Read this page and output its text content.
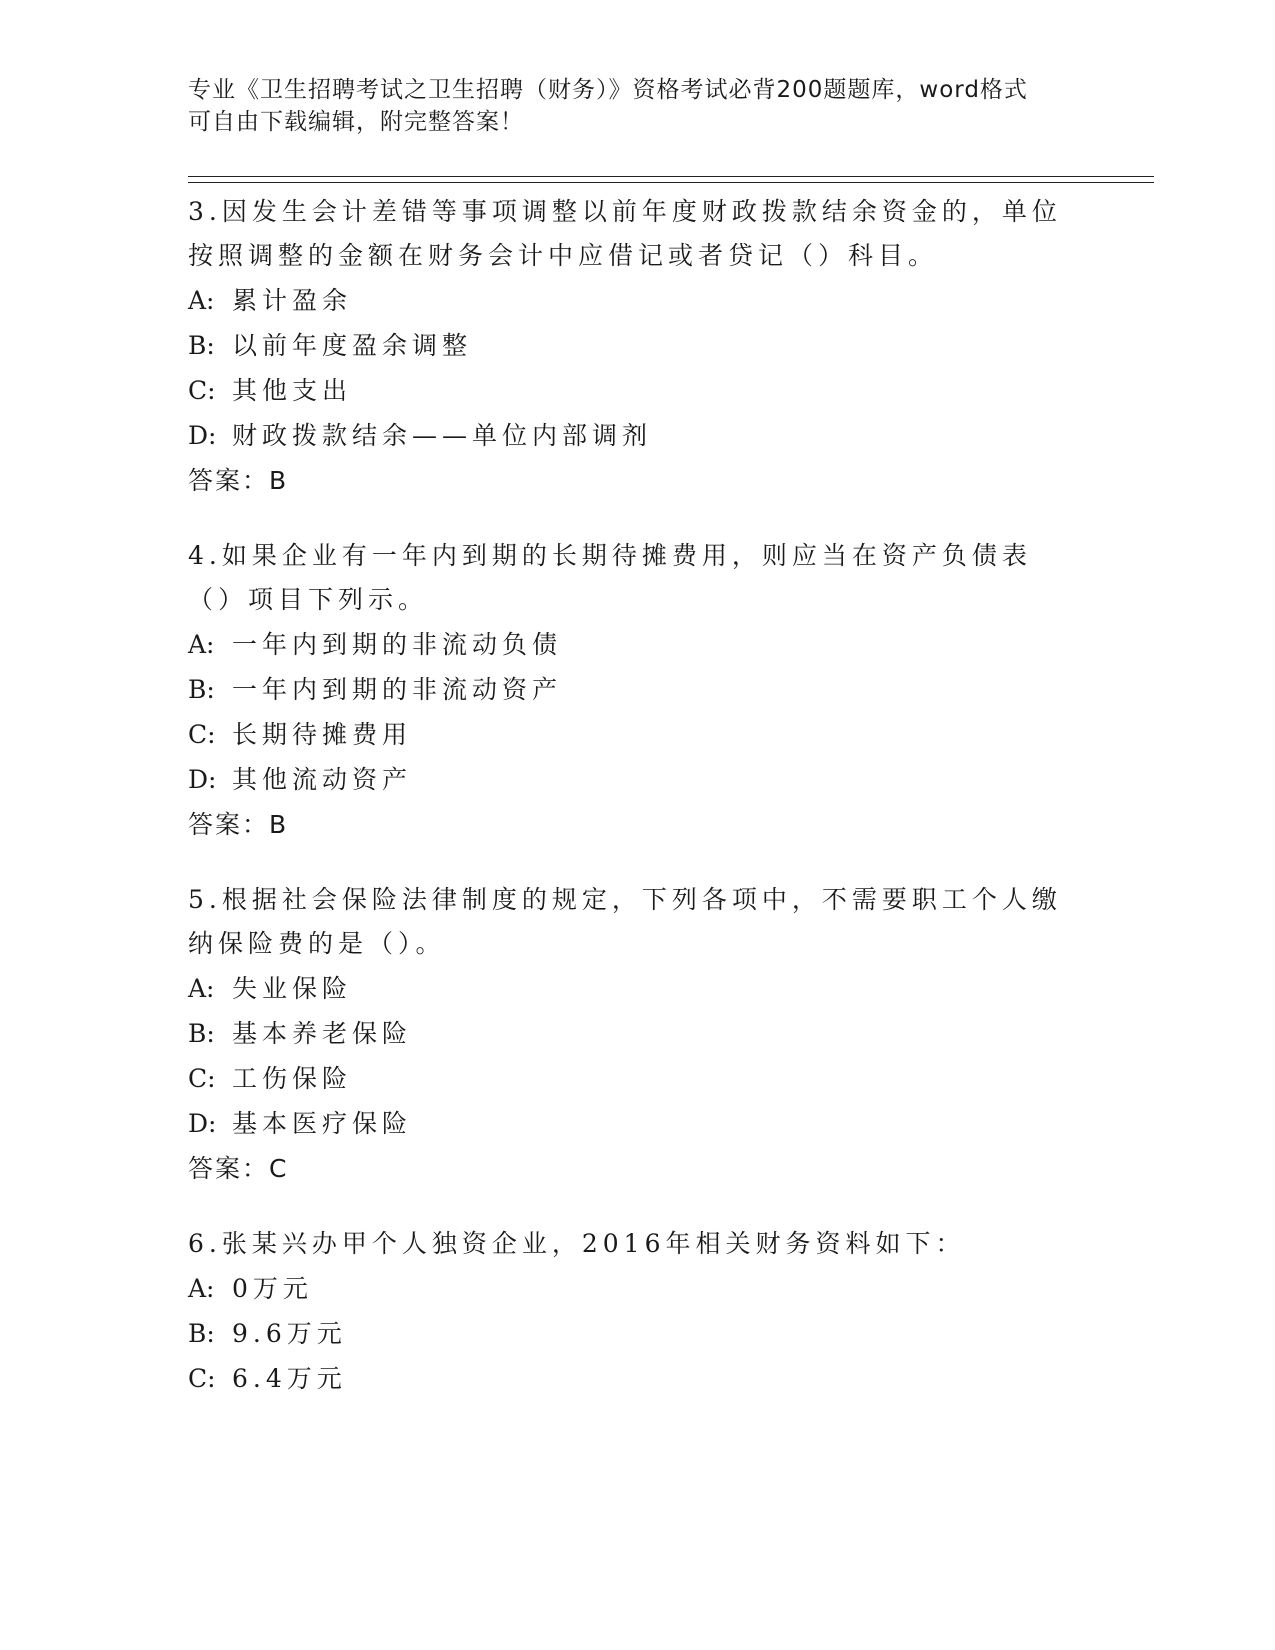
专业《卫生招聘考试之卫生招聘（财务）》资格考试必背200题题库，word格式
可自由下载编辑，附完整答案！

3.因发生会计差错等事项调整以前年度财政拨款结余资金的，单位按照调整的金额在财务会计中应借记或者贷记（）科目。

A: 累计盈余
B: 以前年度盈余调整
C: 其他支出
D: 财政拨款结余——单位内部调剂
答案：B

4.如果企业有一年内到期的长期待摊费用，则应当在资产负债表（）项目下列示。

A: 一年内到期的非流动负债
B: 一年内到期的非流动资产
C: 长期待摊费用
D: 其他流动资产
答案：B

5.根据社会保险法律制度的规定，下列各项中，不需要职工个人缴纳保险费的是（）。

A: 失业保险
B: 基本养老保险
C: 工伤保险
D: 基本医疗保险
答案：C

6.张某兴办甲个人独资企业，2016年相关财务资料如下：

A: 0万元
B: 9.6万元
C: 6.4万元
